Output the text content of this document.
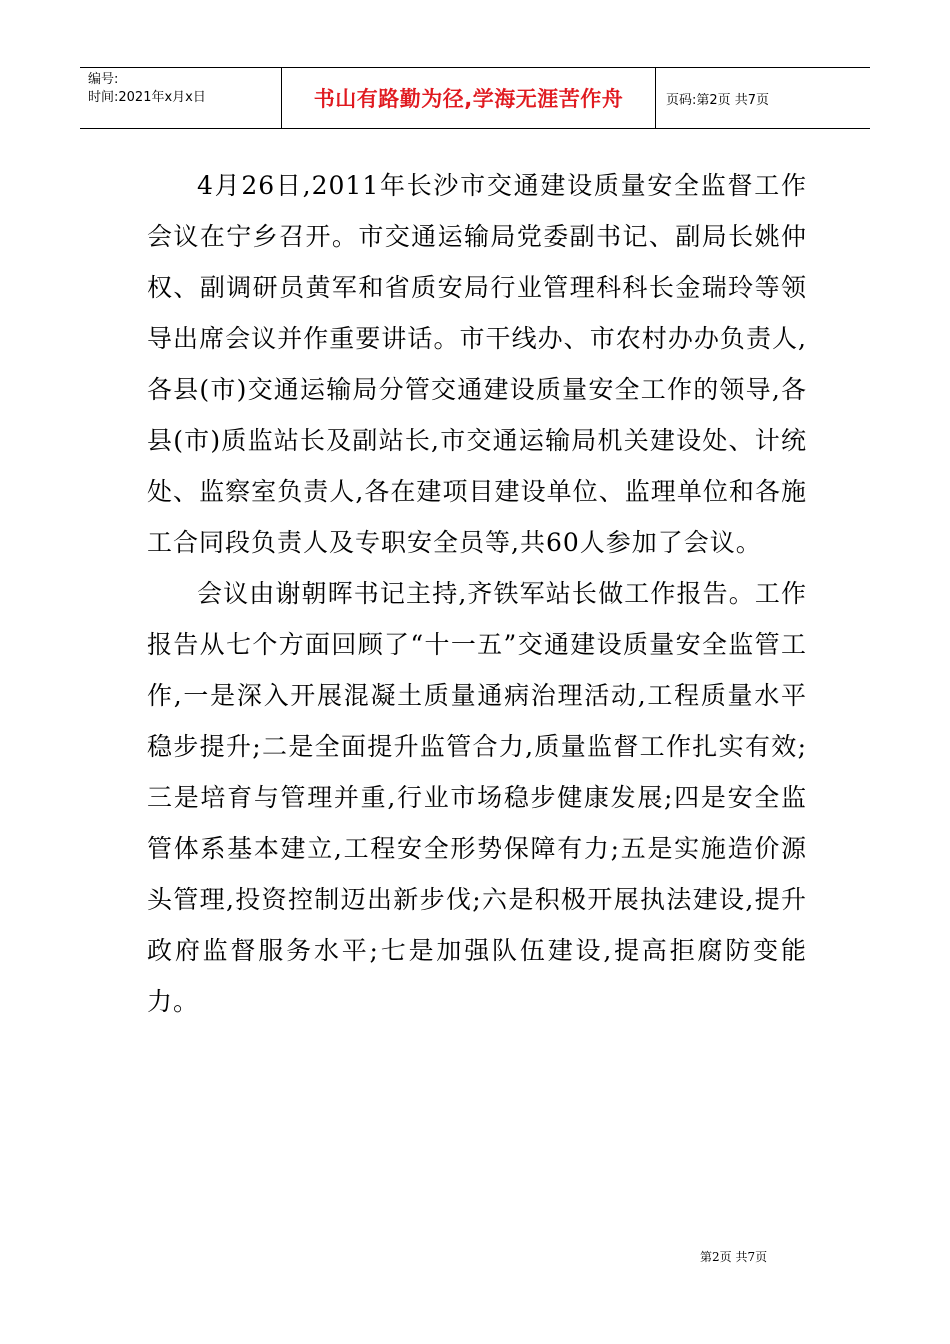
编号:
时间:2021年x月x日	书山有路勤为径,学海无涯苦作舟	页码:第2页 共7页

4月26日,2011年长沙市交通建设质量安全监督工作会议在宁乡召开。市交通运输局党委副书记、副局长姚仲权、副调研员黄军和省质安局行业管理科科长金瑞玲等领导出席会议并作重要讲话。市干线办、市农村办办负责人,各县(市)交通运输局分管交通建设质量安全工作的领导,各县(市)质监站长及副站长,市交通运输局机关建设处、计统处、监察室负责人,各在建项目建设单位、监理单位和各施工合同段负责人及专职安全员等,共60人参加了会议。

会议由谢朝晖书记主持,齐铁军站长做工作报告。工作报告从七个方面回顾了“十一五”交通建设质量安全监管工作,一是深入开展混凝土质量通病治理活动,工程质量水平稳步提升;二是全面提升监管合力,质量监督工作扎实有效;三是培育与管理并重,行业市场稳步健康发展;四是安全监管体系基本建立,工程安全形势保障有力;五是实施造价源头管理,投资控制迈出新步伐;六是积极开展执法建设,提升政府监督服务水平;七是加强队伍建设,提高拒腐防变能力。

第2页 共7页
